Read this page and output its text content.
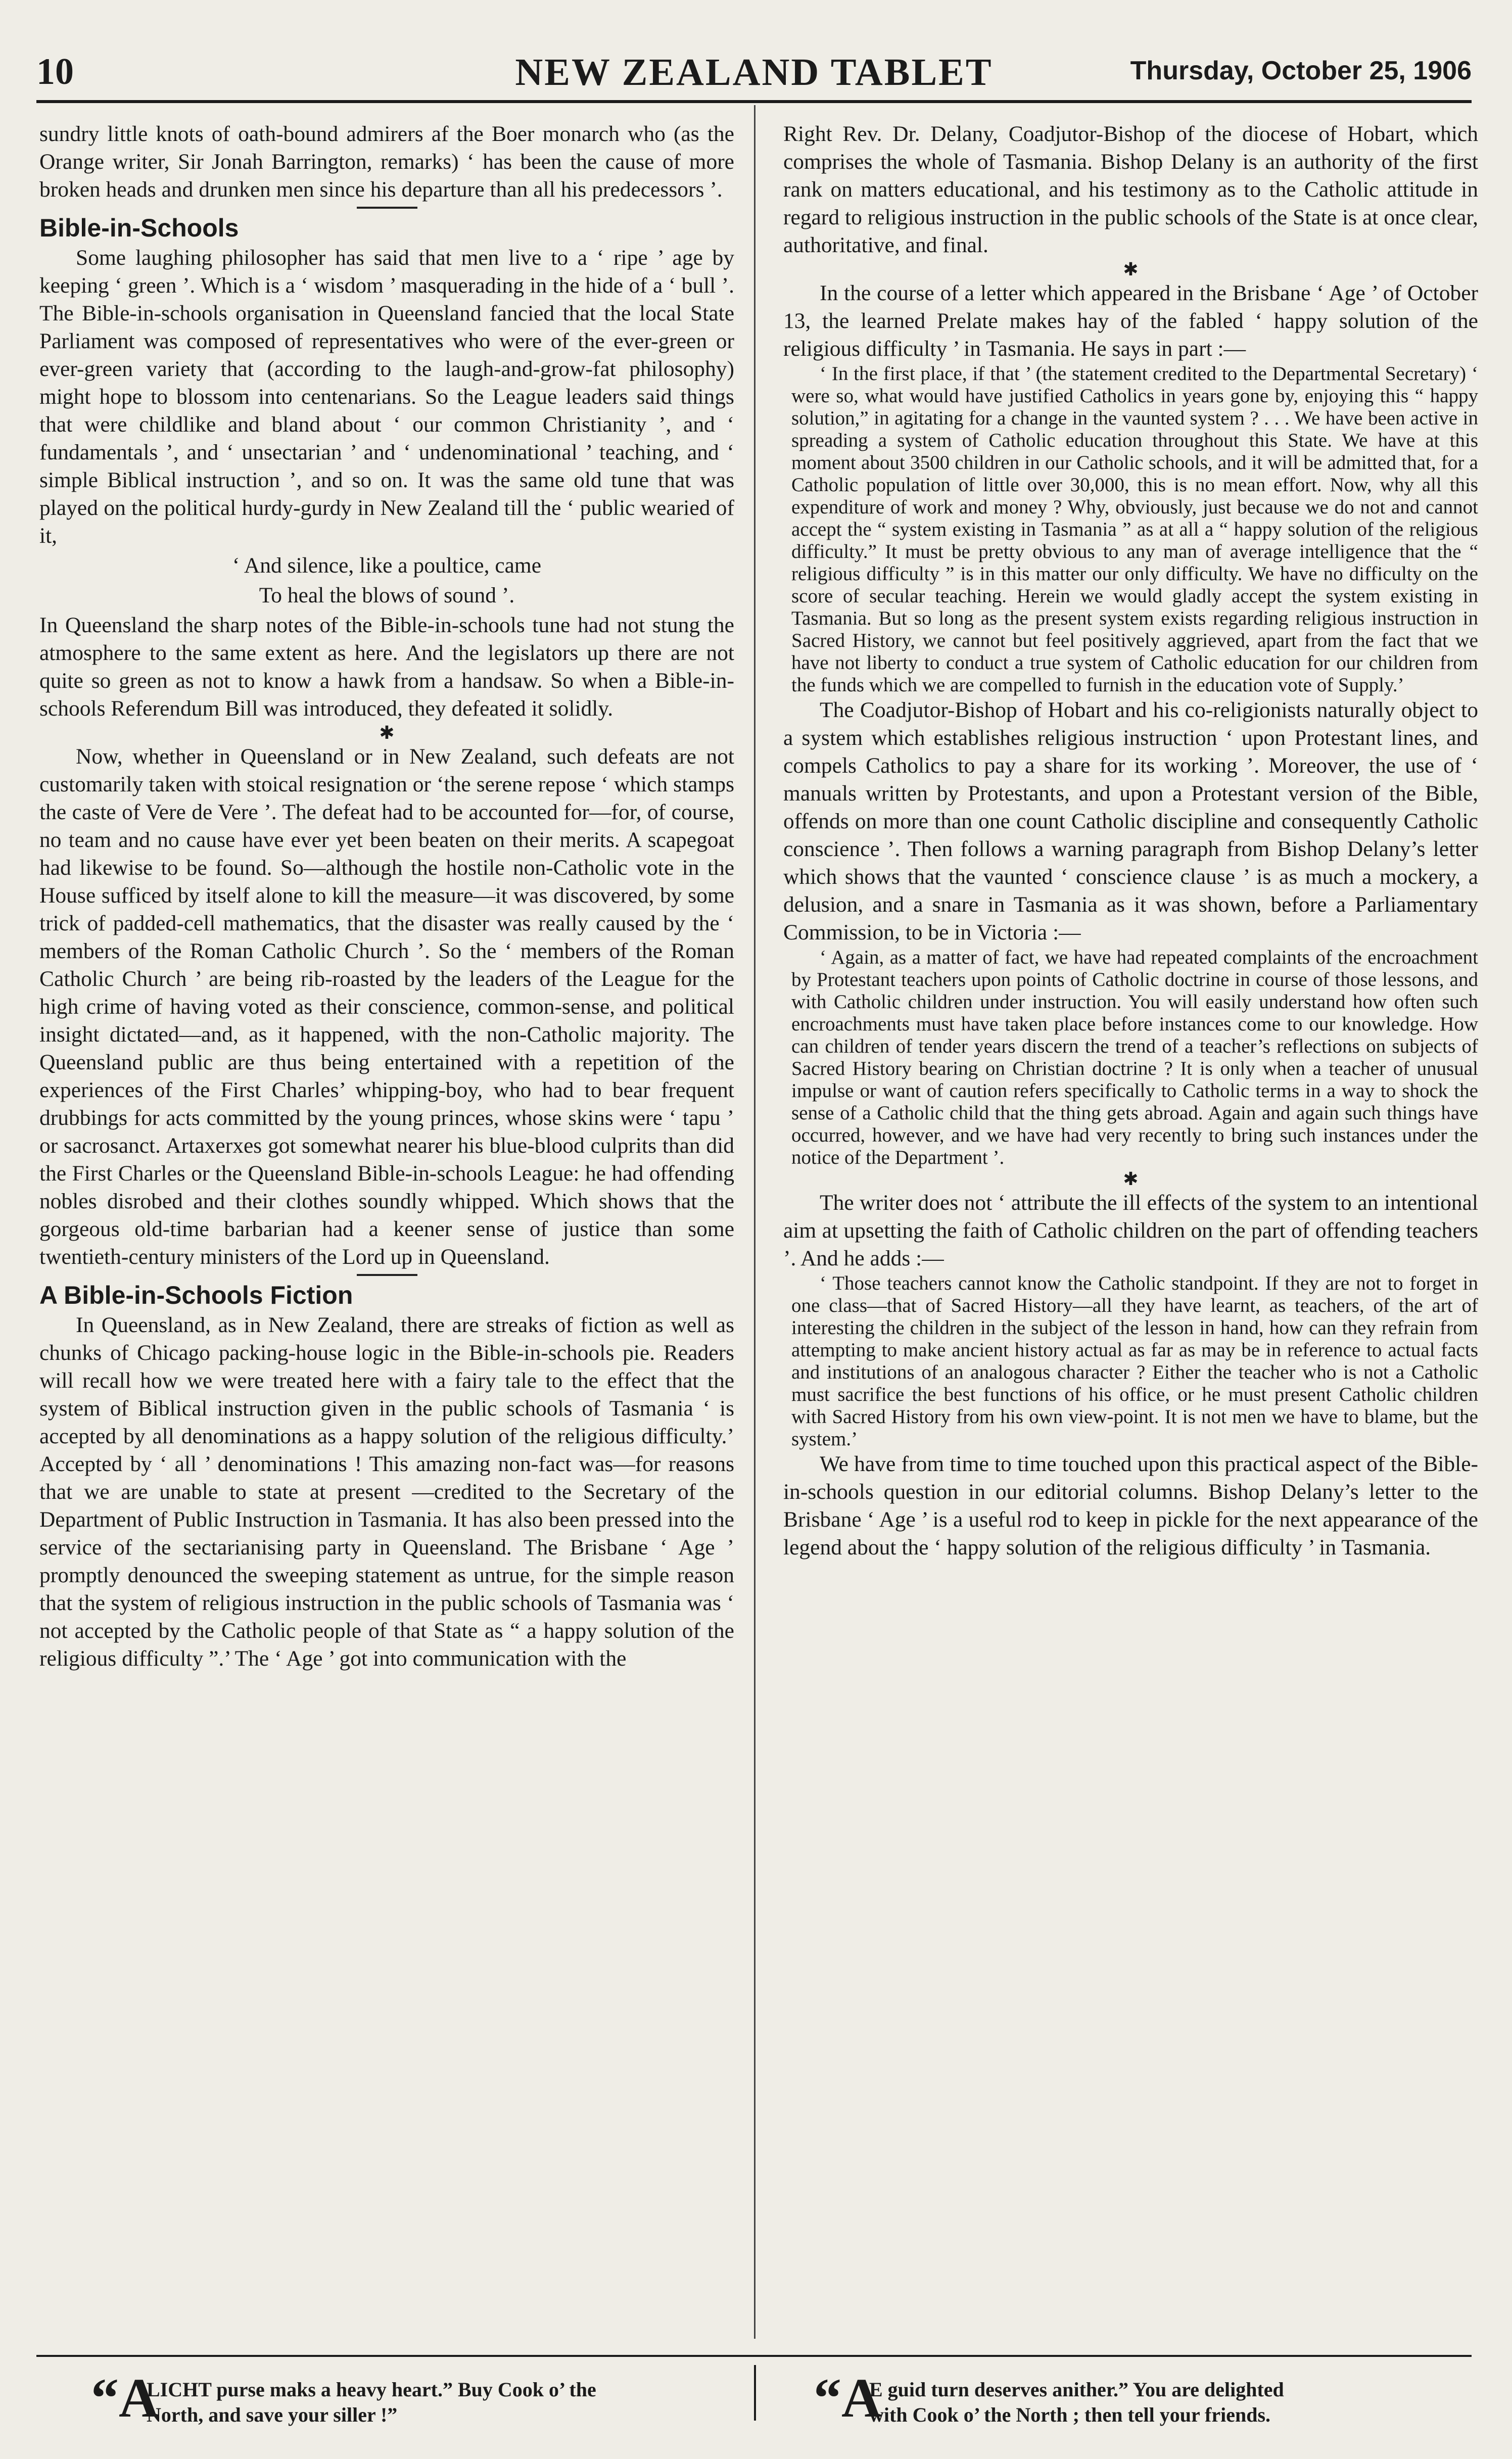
10	NEW ZEALAND TABLET	Thursday, October 25, 1906

sundry little knots of oath-bound admirers af the Boer monarch who (as the Orange writer, Sir Jonah Barrington, remarks) ‘ has been the cause of more broken heads and drunken men since his departure than all his predecessors ’.

Bible-in-Schools

Some laughing philosopher has said that men live to a ‘ ripe ’ age by keeping ‘ green ’. Which is a ‘ wisdom ’ masquerading in the hide of a ‘ bull ’. The Bible-in-schools organisation in Queensland fancied that the local State Parliament was composed of representatives who were of the ever-green or ever-green variety that (according to the laugh-and-grow-fat philosophy) might hope to blossom into centenarians. So the League leaders said things that were childlike and bland about ‘ our common Christianity ’, and ‘ fundamentals ’, and ‘ unsectarian ’ and ‘ undenominational ’ teaching, and ‘ simple Biblical instruction ’, and so on. It was the same old tune that was played on the political hurdy-gurdy in New Zealand till the ‘ public wearied of it,

‘ And silence, like a poultice, came
To heal the blows of sound ’.

In Queensland the sharp notes of the Bible-in-schools tune had not stung the atmosphere to the same extent as here. And the legislators up there are not quite so green as not to know a hawk from a handsaw. So when a Bible-in-schools Referendum Bill was introduced, they defeated it solidly.

✱

Now, whether in Queensland or in New Zealand, such defeats are not customarily taken with stoical resignation or ‘the serene repose ‘ which stamps the caste of Vere de Vere ’. The defeat had to be accounted for—for, of course, no team and no cause have ever yet been beaten on their merits. A scapegoat had likewise to be found. So—although the hostile non-Catholic vote in the House sufficed by itself alone to kill the measure—it was discovered, by some trick of padded-cell mathematics, that the disaster was really caused by the ‘ members of the Roman Catholic Church ’. So the ‘ members of the Roman Catholic Church ’ are being rib-roasted by the leaders of the League for the high crime of having voted as their conscience, common-sense, and political insight dictated—and, as it happened, with the non-Catholic majority. The Queensland public are thus being entertained with a repetition of the experiences of the First Charles’ whipping-boy, who had to bear frequent drubbings for acts committed by the young princes, whose skins were ‘ tapu ’ or sacrosanct. Artaxerxes got somewhat nearer his blue-blood culprits than did the First Charles or the Queensland Bible-in-schools League: he had offending nobles disrobed and their clothes soundly whipped. Which shows that the gorgeous old-time barbarian had a keener sense of justice than some twentieth-century ministers of the Lord up in Queensland.

A Bible-in-Schools Fiction

In Queensland, as in New Zealand, there are streaks of fiction as well as chunks of Chicago packing-house logic in the Bible-in-schools pie. Readers will recall how we were treated here with a fairy tale to the effect that the system of Biblical instruction given in the public schools of Tasmania ‘ is accepted by all denominations as a happy solution of the religious difficulty.’ Accepted by ‘ all ’ denominations ! This amazing non-fact was—for reasons that we are unable to state at present —credited to the Secretary of the Department of Public Instruction in Tasmania. It has also been pressed into the service of the sectarianising party in Queensland. The Brisbane ‘ Age ’ promptly denounced the sweeping statement as untrue, for the simple reason that the system of religious instruction in the public schools of Tasmania was ‘ not accepted by the Catholic people of that State as “ a happy solution of the religious difficulty ”.’ The ‘ Age ’ got into communication with the

Right Rev. Dr. Delany, Coadjutor-Bishop of the diocese of Hobart, which comprises the whole of Tasmania. Bishop Delany is an authority of the first rank on matters educational, and his testimony as to the Catholic attitude in regard to religious instruction in the public schools of the State is at once clear, authoritative, and final.

✱

In the course of a letter which appeared in the Brisbane ‘ Age ’ of October 13, the learned Prelate makes hay of the fabled ‘ happy solution of the religious difficulty ’ in Tasmania. He says in part :—

‘ In the first place, if that ’ (the statement credited to the Departmental Secretary) ‘ were so, what would have justified Catholics in years gone by, enjoying this “ happy solution,” in agitating for a change in the vaunted system ? . . . We have been active in spreading a system of Catholic education throughout this State. We have at this moment about 3500 children in our Catholic schools, and it will be admitted that, for a Catholic population of little over 30,000, this is no mean effort. Now, why all this expenditure of work and money ? Why, obviously, just because we do not and cannot accept the “ system existing in Tasmania ” as at all a “ happy solution of the religious difficulty.” It must be pretty obvious to any man of average intelligence that the “ religious difficulty ” is in this matter our only difficulty. We have no difficulty on the score of secular teaching. Herein we would gladly accept the system existing in Tasmania. But so long as the present system exists regarding religious instruction in Sacred History, we cannot but feel positively aggrieved, apart from the fact that we have not liberty to conduct a true system of Catholic education for our children from the funds which we are compelled to furnish in the education vote of Supply.’

The Coadjutor-Bishop of Hobart and his co-religionists naturally object to a system which establishes religious instruction ‘ upon Protestant lines, and compels Catholics to pay a share for its working ’. Moreover, the use of ‘ manuals written by Protestants, and upon a Protestant version of the Bible, offends on more than one count Catholic discipline and consequently Catholic conscience ’. Then follows a warning paragraph from Bishop Delany’s letter which shows that the vaunted ‘ conscience clause ’ is as much a mockery, a delusion, and a snare in Tasmania as it was shown, before a Parliamentary Commission, to be in Victoria :—

‘ Again, as a matter of fact, we have had repeated complaints of the encroachment by Protestant teachers upon points of Catholic doctrine in course of those lessons, and with Catholic children under instruction. You will easily understand how often such encroachments must have taken place before instances come to our knowledge. How can children of tender years discern the trend of a teacher’s reflections on subjects of Sacred History bearing on Christian doctrine ? It is only when a teacher of unusual impulse or want of caution refers specifically to Catholic terms in a way to shock the sense of a Catholic child that the thing gets abroad. Again and again such things have occurred, however, and we have had very recently to bring such instances under the notice of the Department ’.

✱

The writer does not ‘ attribute the ill effects of the system to an intentional aim at upsetting the faith of Catholic children on the part of offending teachers ’. And he adds :—

‘ Those teachers cannot know the Catholic standpoint. If they are not to forget in one class—that of Sacred History—all they have learnt, as teachers, of the art of interesting the children in the subject of the lesson in hand, how can they refrain from attempting to make ancient history actual as far as may be in reference to actual facts and institutions of an analogous character ? Either the teacher who is not a Catholic must sacrifice the best functions of his office, or he must present Catholic children with Sacred History from his own view-point. It is not men we have to blame, but the system.’

We have from time to time touched upon this practical aspect of the Bible-in-schools question in our editorial columns. Bishop Delany’s letter to the Brisbane ‘ Age ’ is a useful rod to keep in pickle for the next appearance of the legend about the ‘ happy solution of the religious difficulty ’ in Tasmania.

“A
LICHT purse maks a heavy heart.” Buy Cook o’ the
North, and save your siller !”	“A
E guid turn deserves anither.” You are delighted
with Cook o’ the North ; then tell your friends.
